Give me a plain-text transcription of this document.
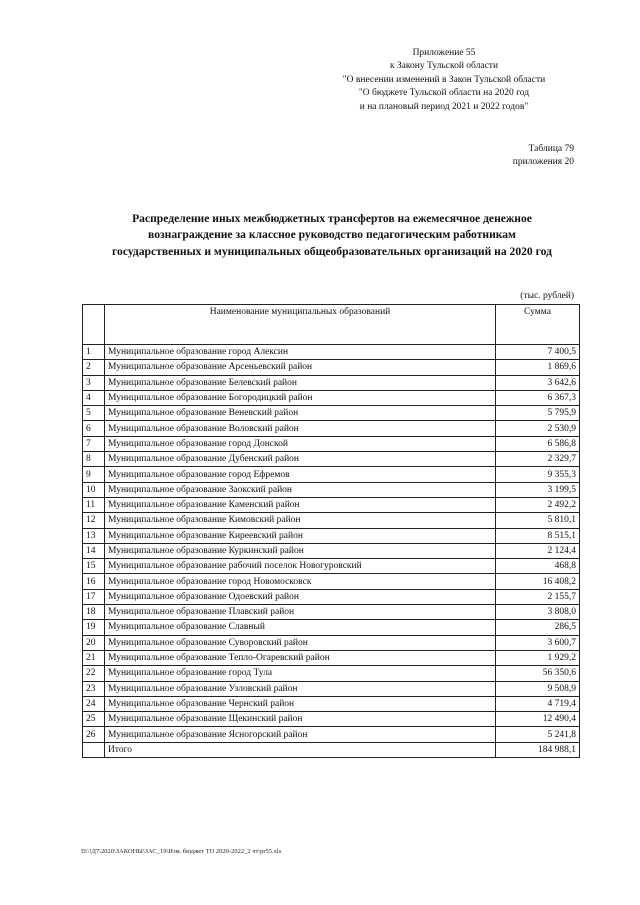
Приложение 55
к Закону Тульской области
"О внесении изменений в Закон Тульской области
"О бюджете Тульской области на 2020 год
и на плановый период 2021 и 2022 годов"
Таблица 79
приложения 20
Распределение иных межбюджетных трансфертов на ежемесячное денежное
вознаграждение за классное руководство педагогическим работникам
государственных и муниципальных общеобразовательных организаций на 2020 год
(тыс. рублей)
	Наименование муниципальных образований	Сумма
1	Муниципальное образование город Алексин	7 400,5
2	Муниципальное образование Арсеньевский район	1 869,6
3	Муниципальное образование Белевский район	3 642,6
4	Муниципальное образование Богородицкий район	6 367,3
5	Муниципальное образование Веневский район	5 795,9
6	Муниципальное образование Воловский район	2 530,9
7	Муниципальное образование город Донской	6 586,8
8	Муниципальное образование Дубенский район	2 329,7
9	Муниципальное образование город Ефремов	9 355,3
10	Муниципальное образование Заокский район	3 199,5
11	Муниципальное образование Каменский район	2 492,2
12	Муниципальное образование Кимовский район	5 810,1
13	Муниципальное образование Киреевский район	8 515,1
14	Муниципальное образование Куркинский район	2 124,4
15	Муниципальное образование рабочий поселок Новогуровский	468,8
16	Муниципальное образование город Новомосковск	16 408,2
17	Муниципальное образование Одоевский район	2 155,7
18	Муниципальное образование Плавский район	3 808,0
19	Муниципальное образование Славный	286,5
20	Муниципальное образование Суворовский район	3 600,7
21	Муниципальное образование Тепло-Огаревский район	1 929,2
22	Муниципальное образование город Тула	56 350,6
23	Муниципальное образование Узловский район	9 508,9
24	Муниципальное образование Чернский район	4 719,4
25	Муниципальное образование Щекинский район	12 490,4
26	Муниципальное образование Ясногорский район	5 241,8
	Итого	184 988,1
D:\!Д7\2020\ЗАКОНЫ\ЗАС_19\Изм. бюджет ТО 2020-2022_2 чт\pr55.xls
